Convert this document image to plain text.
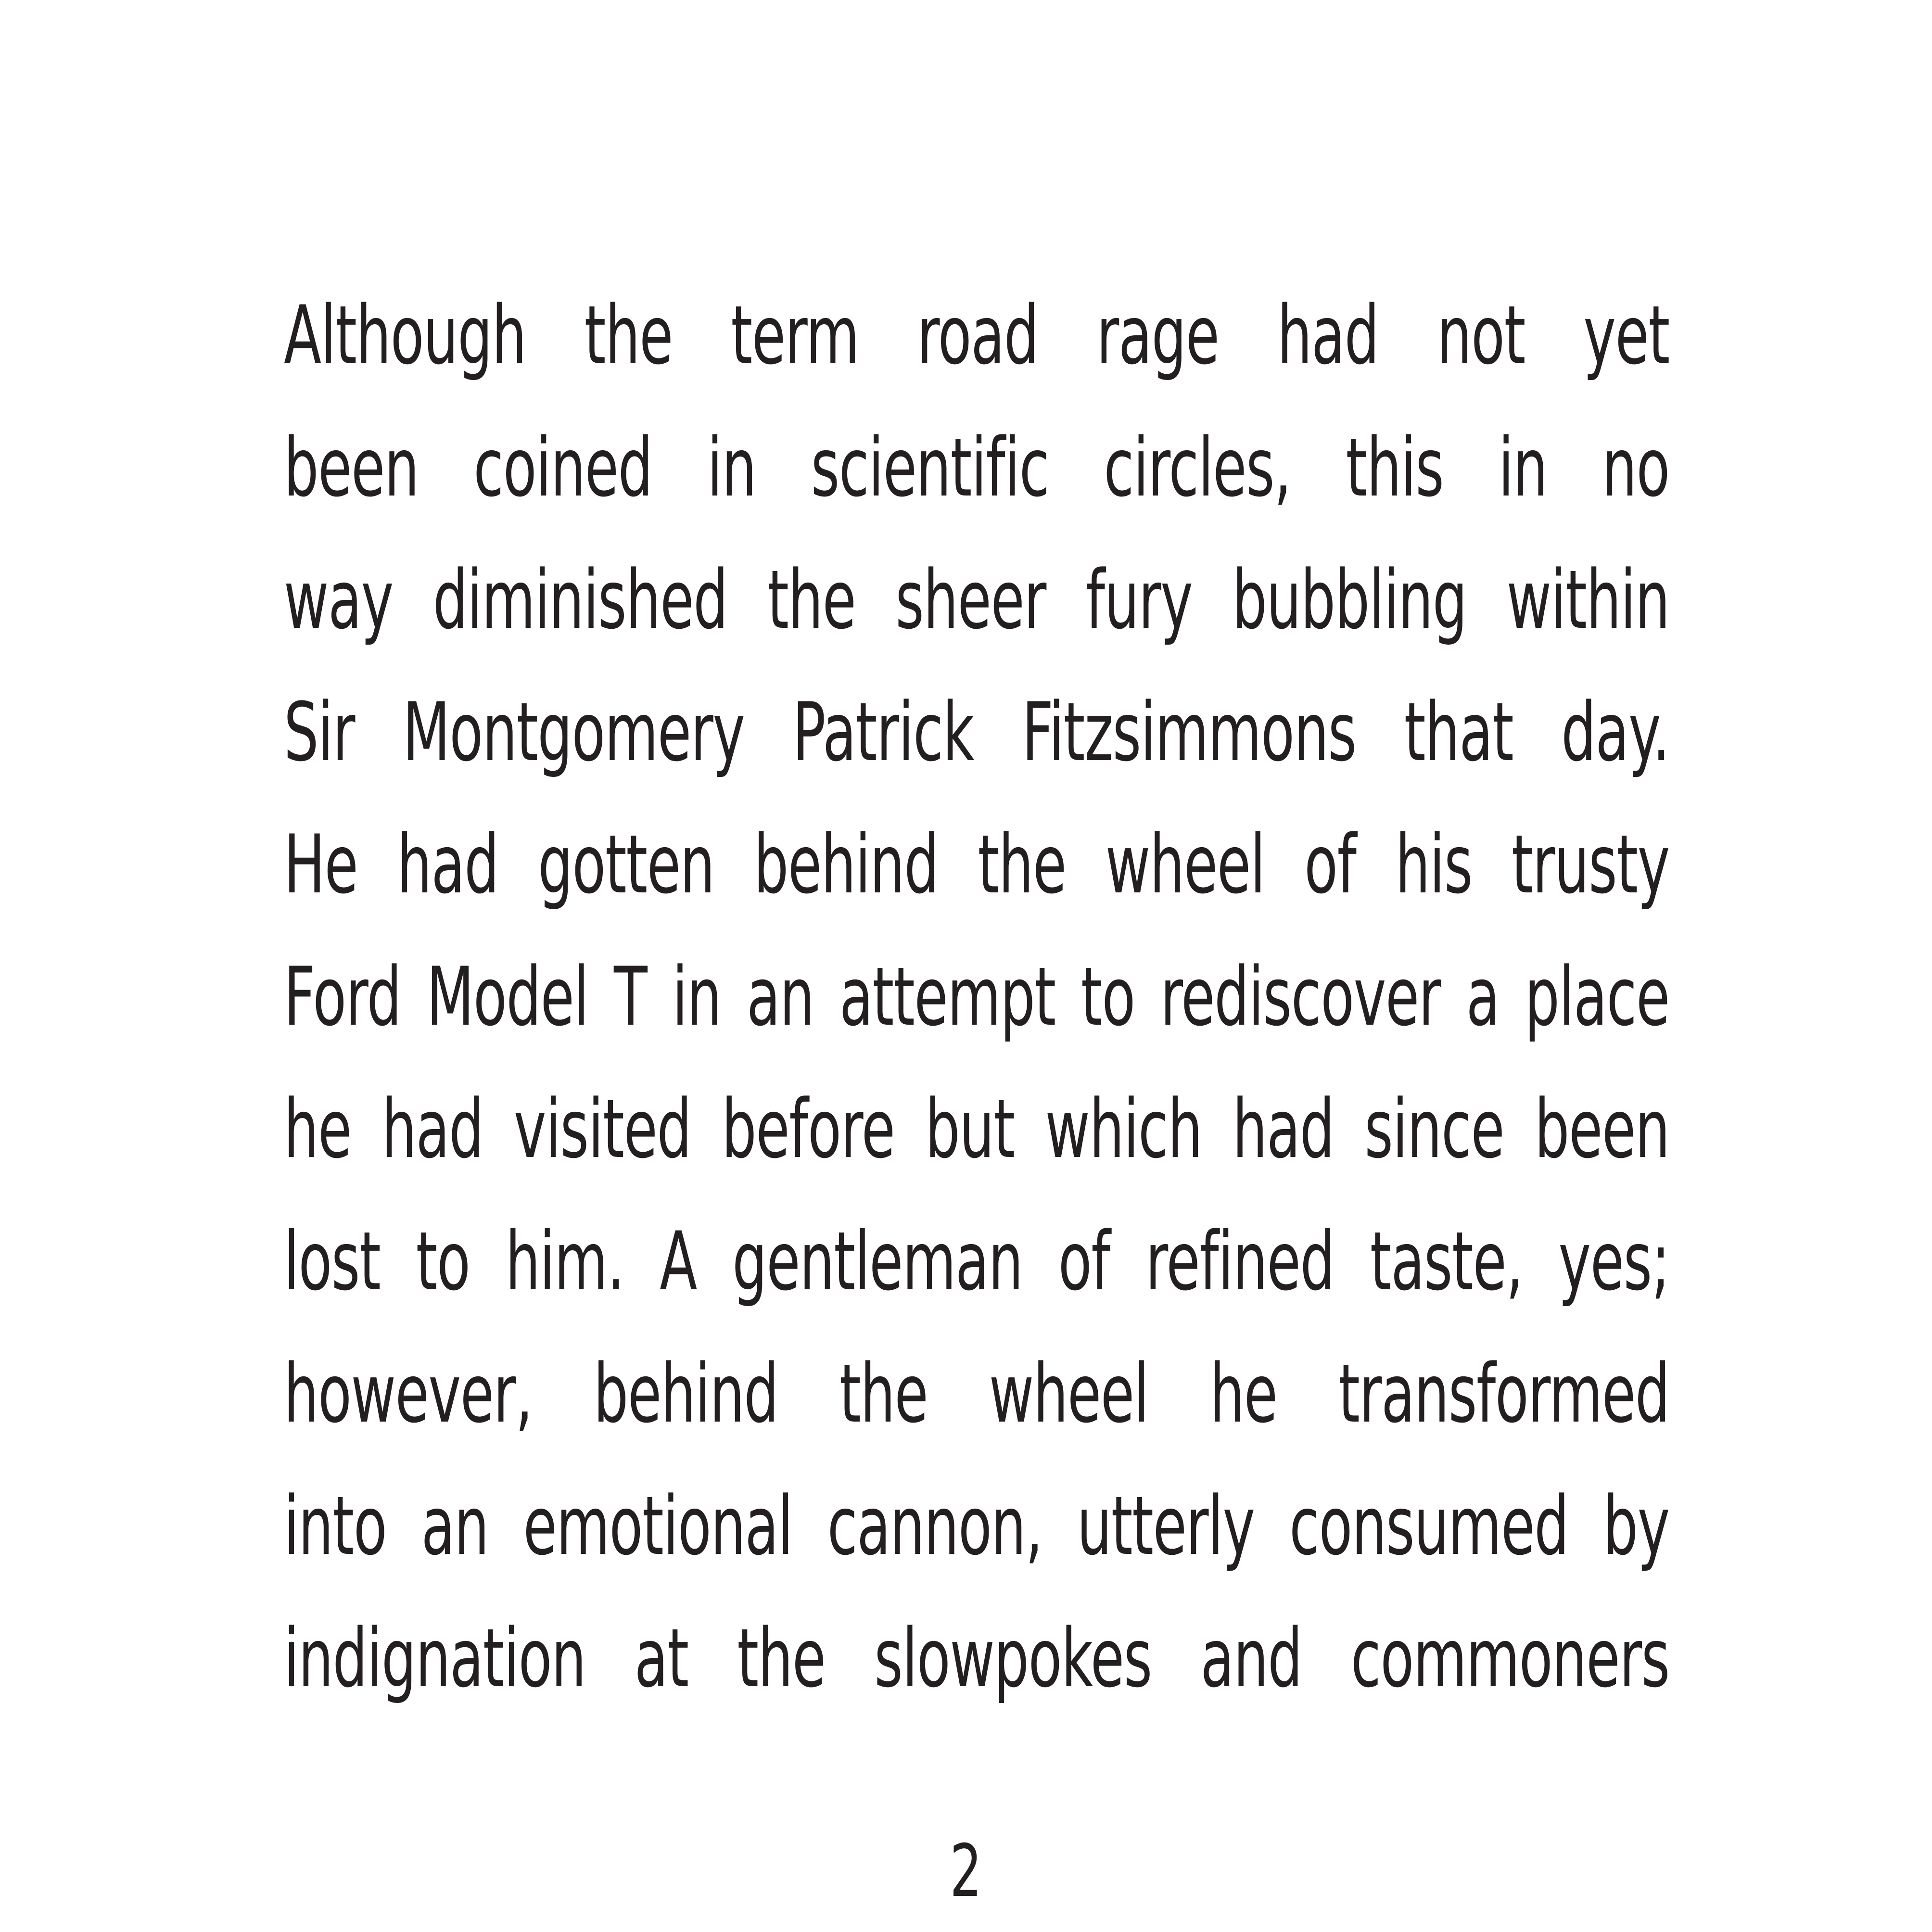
Although the term road rage had not yet
been coined in scientific circles, this in no
way diminished the sheer fury bubbling within
Sir Montgomery Patrick Fitzsimmons that day.
He had gotten behind the wheel of his trusty
Ford Model T in an attempt to rediscover a place
he had visited before but which had since been
lost to him. A gentleman of refined taste, yes;
however, behind the wheel he transformed
into an emotional cannon, utterly consumed by
indignation at the slowpokes and commoners
2
